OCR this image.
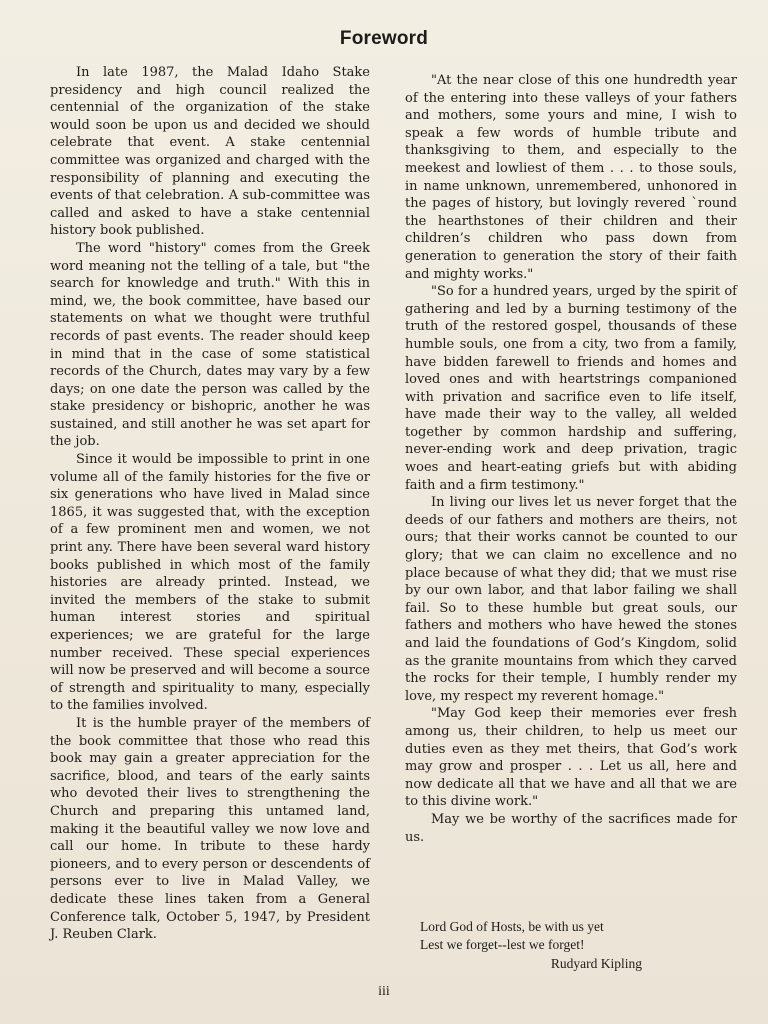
Foreword

In late 1987, the Malad Idaho Stake presidency and high council realized the centennial of the organization of the stake would soon be upon us and decided we should celebrate that event. A stake centennial committee was organized and charged with the responsibility of planning and executing the events of that celebration. A sub-committee was called and asked to have a stake centennial history book published.

The word "history" comes from the Greek word meaning not the telling of a tale, but "the search for knowledge and truth." With this in mind, we, the book committee, have based our statements on what we thought were truthful records of past events. The reader should keep in mind that in the case of some statistical records of the Church, dates may vary by a few days; on one date the person was called by the stake presidency or bishopric, another he was sustained, and still another he was set apart for the job.

Since it would be impossible to print in one volume all of the family histories for the five or six generations who have lived in Malad since 1865, it was suggested that, with the exception of a few prominent men and women, we not print any. There have been several ward history books published in which most of the family histories are already printed. Instead, we invited the members of the stake to submit human interest stories and spiritual experiences; we are grateful for the large number received. These special experiences will now be preserved and will become a source of strength and spirituality to many, especially to the families involved.

It is the humble prayer of the members of the book committee that those who read this book may gain a greater appreciation for the sacrifice, blood, and tears of the early saints who devoted their lives to strengthening the Church and preparing this untamed land, making it the beautiful valley we now love and call our home. In tribute to these hardy pioneers, and to every person or descendents of persons ever to live in Malad Valley, we dedicate these lines taken from a General Conference talk, October 5, 1947, by President J. Reuben Clark.

"At the near close of this one hundredth year of the entering into these valleys of your fathers and mothers, some yours and mine, I wish to speak a few words of humble tribute and thanksgiving to them, and especially to the meekest and lowliest of them . . . to those souls, in name unknown, unremembered, unhonored in the pages of history, but lovingly revered `round the hearthstones of their children and their children’s children who pass down from generation to generation the story of their faith and mighty works."

"So for a hundred years, urged by the spirit of gathering and led by a burning testimony of the truth of the restored gospel, thousands of these humble souls, one from a city, two from a family, have bidden farewell to friends and homes and loved ones and with heartstrings companioned with privation and sacrifice even to life itself, have made their way to the valley, all welded together by common hardship and suffering, never-ending work and deep privation, tragic woes and heart-eating griefs but with abiding faith and a firm testimony."

In living our lives let us never forget that the deeds of our fathers and mothers are theirs, not ours; that their works cannot be counted to our glory; that we can claim no excellence and no place because of what they did; that we must rise by our own labor, and that labor failing we shall fail. So to these humble but great souls, our fathers and mothers who have hewed the stones and laid the foundations of God’s Kingdom, solid as the granite mountains from which they carved the rocks for their temple, I humbly render my love, my respect my reverent homage."

"May God keep their memories ever fresh among us, their children, to help us meet our duties even as they met theirs, that God’s work may grow and prosper . . . Let us all, here and now dedicate all that we have and all that we are to this divine work."

May we be worthy of the sacrifices made for us.

Lord God of Hosts, be with us yet
Lest we forget--lest we forget!
Rudyard Kipling
iii
